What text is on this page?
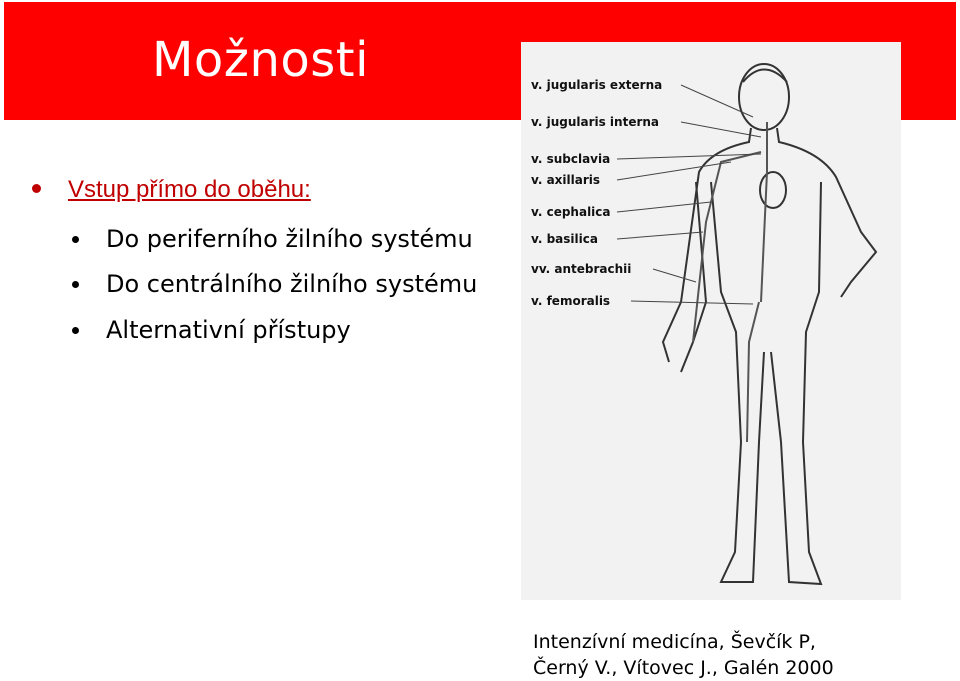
Možnosti
Vstup přímo do oběhu:
Do periferního žilního systému
Do centrálního žilního systému
Alternativní přístupy
v. jugularis externa
v. jugularis interna
v. subclavia
v. axillaris
v. cephalica
v. basilica
vv. antebrachii
v. femoralis
Intenzívní medicína, Ševčík P,
Černý V., Vítovec J., Galén 2000
